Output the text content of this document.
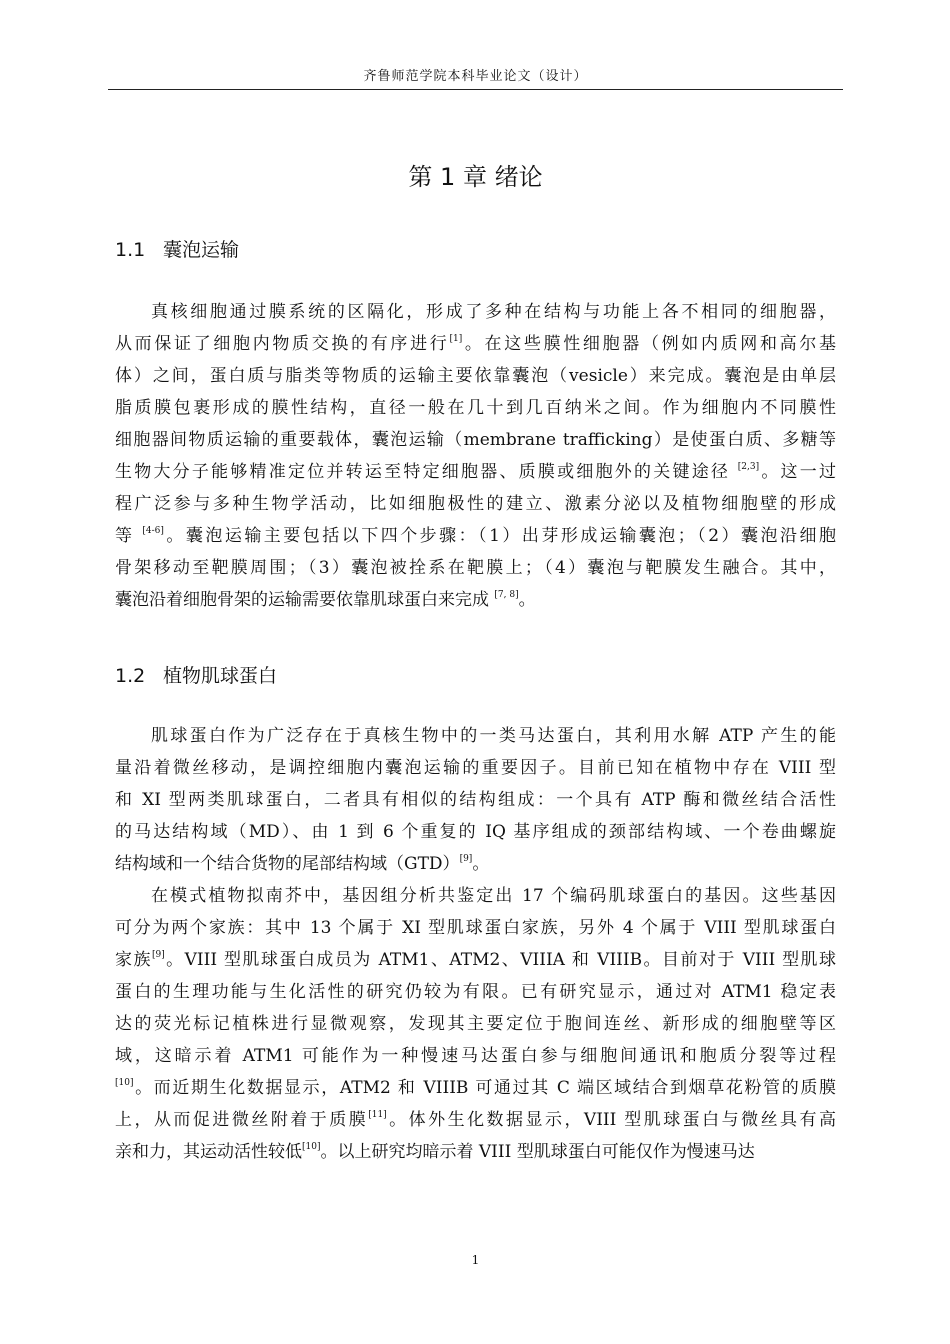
齐鲁师范学院本科毕业论文（设计）
第 1 章 绪论
1.1 囊泡运输
真核细胞通过膜系统的区隔化，形成了多种在结构与功能上各不相同的细胞器，
从而保证了细胞内物质交换的有序进行[1]。在这些膜性细胞器（例如内质网和高尔基
体）之间，蛋白质与脂类等物质的运输主要依靠囊泡（vesicle）来完成。囊泡是由单层
脂质膜包裹形成的膜性结构，直径一般在几十到几百纳米之间。作为细胞内不同膜性
细胞器间物质运输的重要载体，囊泡运输（membrane trafficking）是使蛋白质、多糖等
生物大分子能够精准定位并转运至特定细胞器、质膜或细胞外的关键途径 [2,3]。这一过
程广泛参与多种生物学活动，比如细胞极性的建立、激素分泌以及植物细胞壁的形成
等 [4-6]。囊泡运输主要包括以下四个步骤：（1）出芽形成运输囊泡；（2）囊泡沿细胞
骨架移动至靶膜周围；（3）囊泡被拴系在靶膜上；（4）囊泡与靶膜发生融合。其中，
囊泡沿着细胞骨架的运输需要依靠肌球蛋白来完成 [7, 8]。
1.2 植物肌球蛋白
肌球蛋白作为广泛存在于真核生物中的一类马达蛋白，其利用水解 ATP 产生的能
量沿着微丝移动，是调控细胞内囊泡运输的重要因子。目前已知在植物中存在 VIII 型
和 XI 型两类肌球蛋白，二者具有相似的结构组成：一个具有 ATP 酶和微丝结合活性
的马达结构域（MD）、由 1 到 6 个重复的 IQ 基序组成的颈部结构域、一个卷曲螺旋
结构域和一个结合货物的尾部结构域（GTD）[9]。
在模式植物拟南芥中，基因组分析共鉴定出 17 个编码肌球蛋白的基因。这些基因
可分为两个家族：其中 13 个属于 XI 型肌球蛋白家族，另外 4 个属于 VIII 型肌球蛋白
家族[9]。VIII 型肌球蛋白成员为 ATM1、ATM2、VIIIA 和 VIIIB。目前对于 VIII 型肌球
蛋白的生理功能与生化活性的研究仍较为有限。已有研究显示，通过对 ATM1 稳定表
达的荧光标记植株进行显微观察，发现其主要定位于胞间连丝、新形成的细胞壁等区
域，这暗示着 ATM1 可能作为一种慢速马达蛋白参与细胞间通讯和胞质分裂等过程
[10]。而近期生化数据显示，ATM2 和 VIIIB 可通过其 C 端区域结合到烟草花粉管的质膜
上，从而促进微丝附着于质膜[11]。体外生化数据显示，VIII 型肌球蛋白与微丝具有高
亲和力，其运动活性较低[10]。以上研究均暗示着 VIII 型肌球蛋白可能仅作为慢速马达
1
